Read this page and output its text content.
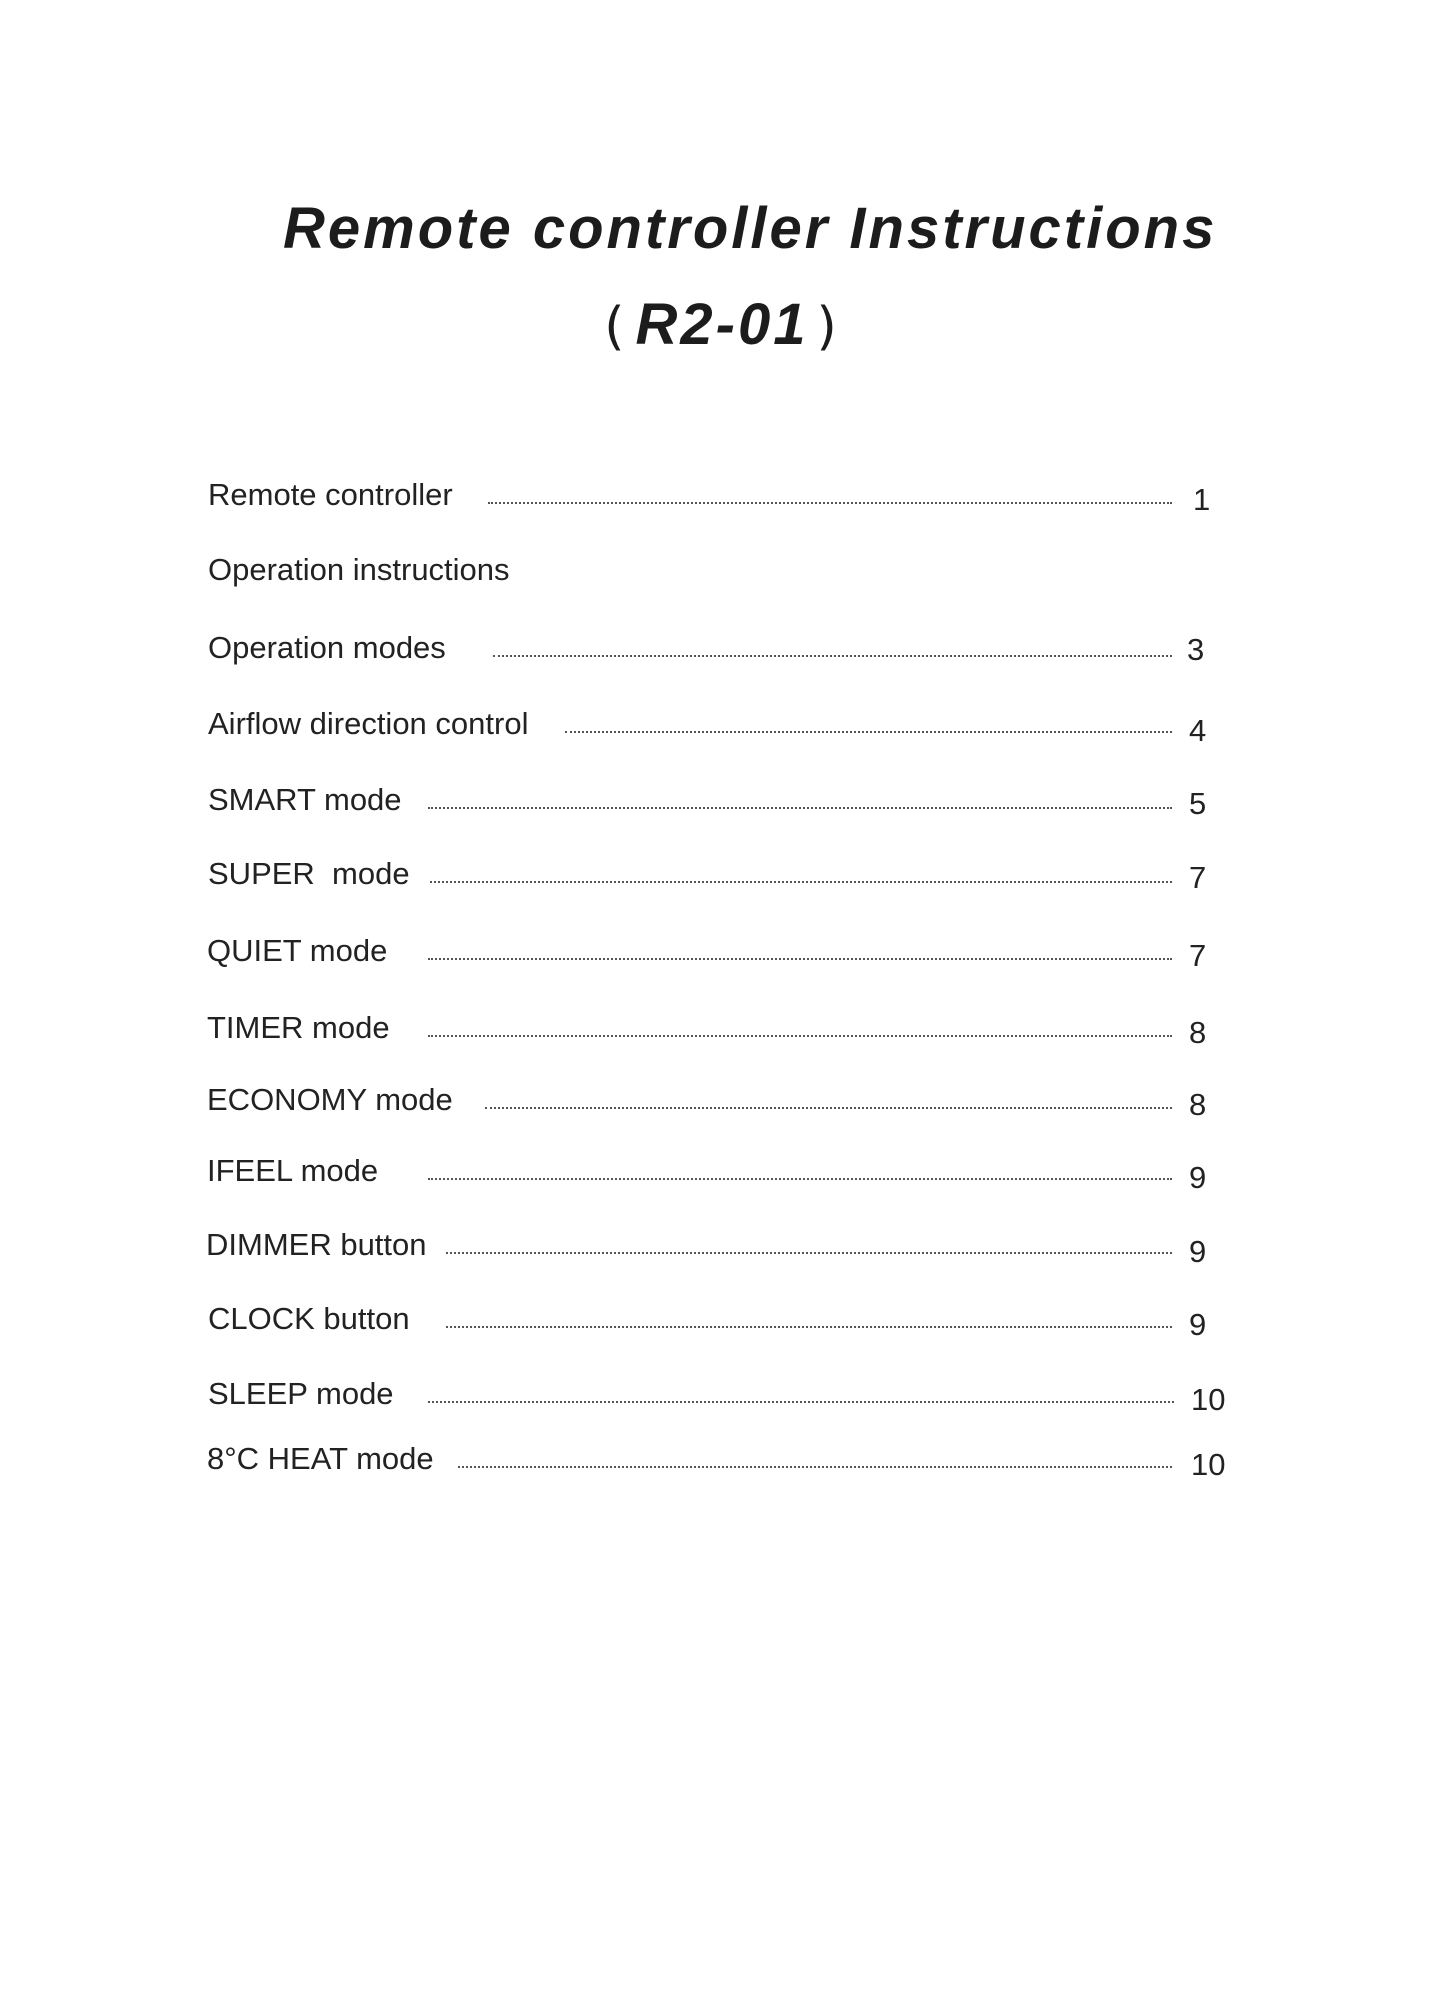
Remote controller Instructions
( R2-01 )
Remote controller	1
Operation instructions
Operation modes	3
Airflow direction control	4
SMART mode	5
SUPER  mode	7
QUIET mode	7
TIMER mode	8
ECONOMY mode	8
IFEEL mode	9
DIMMER button	9
CLOCK button	9
SLEEP mode	10
8°C HEAT mode	10
